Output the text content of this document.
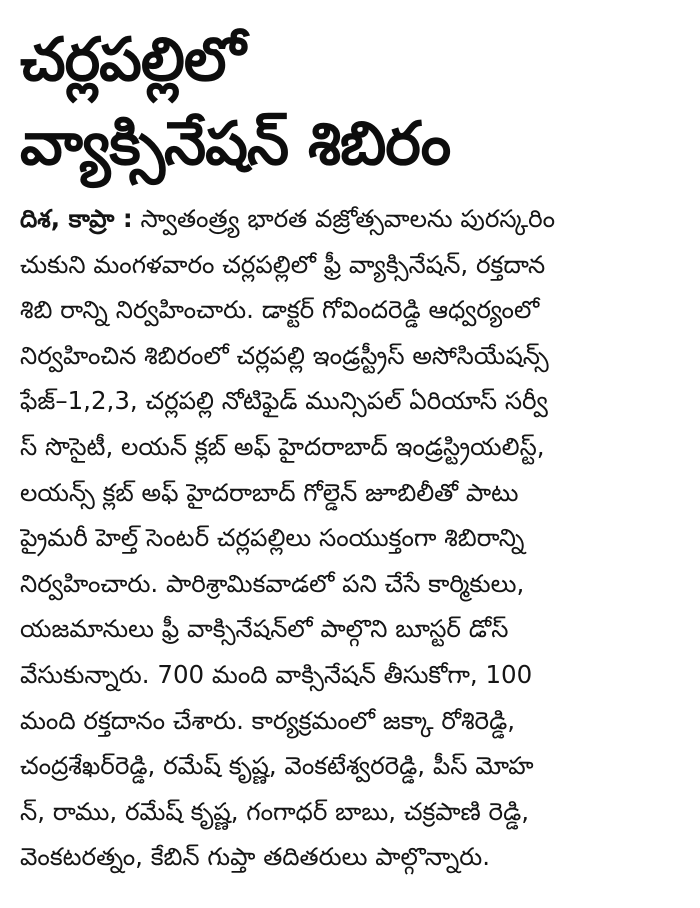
చర్లపల్లిలో
వ్యాక్సినేషన్ శిబిరం
దిశ, కాప్రా : స్వాతంత్ర్య భారత వజ్రోత్సవాలను పురస్కరిం
చుకుని మంగళవారం చర్లపల్లిలో ఫ్రీ వ్యాక్సినేషన్, రక్తదాన
శిబి రాన్ని నిర్వహించారు. డాక్టర్ గోవిందరెడ్డి ఆధ్వర్యంలో
నిర్వహించిన శిబిరంలో చర్లపల్లి ఇండ్రస్ట్రీస్ అసోసియేషన్స్
ఫేజ్–1,2,3, చర్లపల్లి నోటిఫైడ్ మున్సిపల్ ఏరియాస్ సర్వీ
స్ సొసైటీ, లయన్ క్లబ్ అఫ్ హైదరాబాద్ ఇండ్రస్ట్రియలిస్ట్,
లయన్స్ క్లబ్ అఫ్ హైదరాబాద్ గోల్డెన్ జూబిలీతో పాటు
ప్రైమరీ హెల్త్ సెంటర్ చర్లపల్లిలు సంయుక్తంగా శిబిరాన్ని
నిర్వహించారు. పారిశ్రామికవాడలో పని చేసే కార్మికులు,
యజమానులు ఫ్రీ వాక్సినేషన్‌లో పాల్గొని బూస్టర్ డోస్
వేసుకున్నారు. 700 మంది వాక్సినేషన్ తీసుకోగా, 100
మంది రక్తదానం చేశారు. కార్యక్రమంలో జక్కా రోశిరెడ్డి,
చంద్రశేఖర్‌రెడ్డి, రమేష్ కృష్ణ, వెంకటేశ్వరరెడ్డి, పీస్ మోహ
న్, రాము, రమేష్ కృష్ణ, గంగాధర్ బాబు, చక్రపాణి రెడ్డి,
వెంకటరత్నం, కేబిన్ గుప్తా తదితరులు పాల్గొన్నారు.
